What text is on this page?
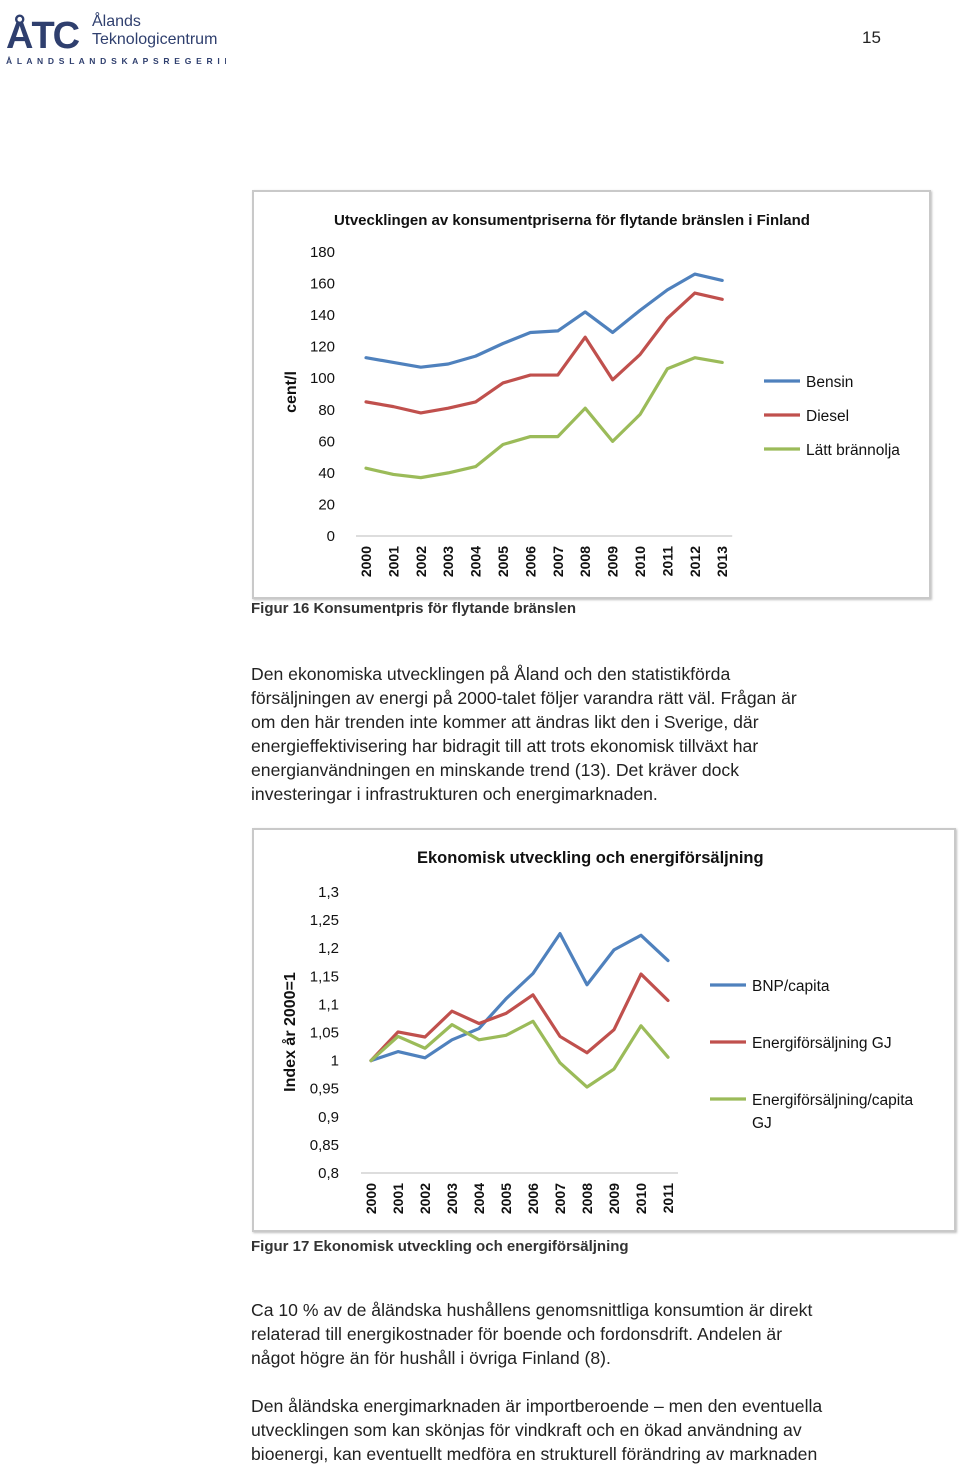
ÅTC Ålands
Teknologicentrum
Å L A N D S L A N D S K A P S R E G E R I N G
15
Utvecklingen av konsumentpriserna för flytande bränslen i Finland
cent/l
0
20
40
60
80
100
120
140
160
180
2000 2001 2002 2003 2004 2005 2006 2007 2008 2009 2010 2011 2012 2013
Bensin
Diesel
Lätt brännolja
Figur 16 Konsumentpris för flytande bränslen
Den ekonomiska utvecklingen på Åland och den statistikförda
försäljningen av energi på 2000-talet följer varandra rätt väl. Frågan är
om den här trenden inte kommer att ändras likt den i Sverige, där
energieffektivisering har bidragit till att trots ekonomisk tillväxt har
energianvändningen en minskande trend (13). Det kräver dock
investeringar i infrastrukturen och energimarknaden.
Ekonomisk utveckling och energiförsäljning
Index år 2000=1
0,8
0,85
0,9
0,95
1
1,05
1,1
1,15
1,2
1,25
1,3
2000 2001 2002 2003 2004 2005 2006 2007 2008 2009 2010 2011
BNP/capita
Energiförsäljning GJ
Energiförsäljning/capita
GJ
Figur 17 Ekonomisk utveckling och energiförsäljning
Ca 10 % av de åländska hushållens genomsnittliga konsumtion är direkt
relaterad till energikostnader för boende och fordonsdrift. Andelen är
något högre än för hushåll i övriga Finland (8).
Den åländska energimarknaden är importberoende – men den eventuella
utvecklingen som kan skönjas för vindkraft och en ökad användning av
bioenergi, kan eventuellt medföra en strukturell förändring av marknaden
